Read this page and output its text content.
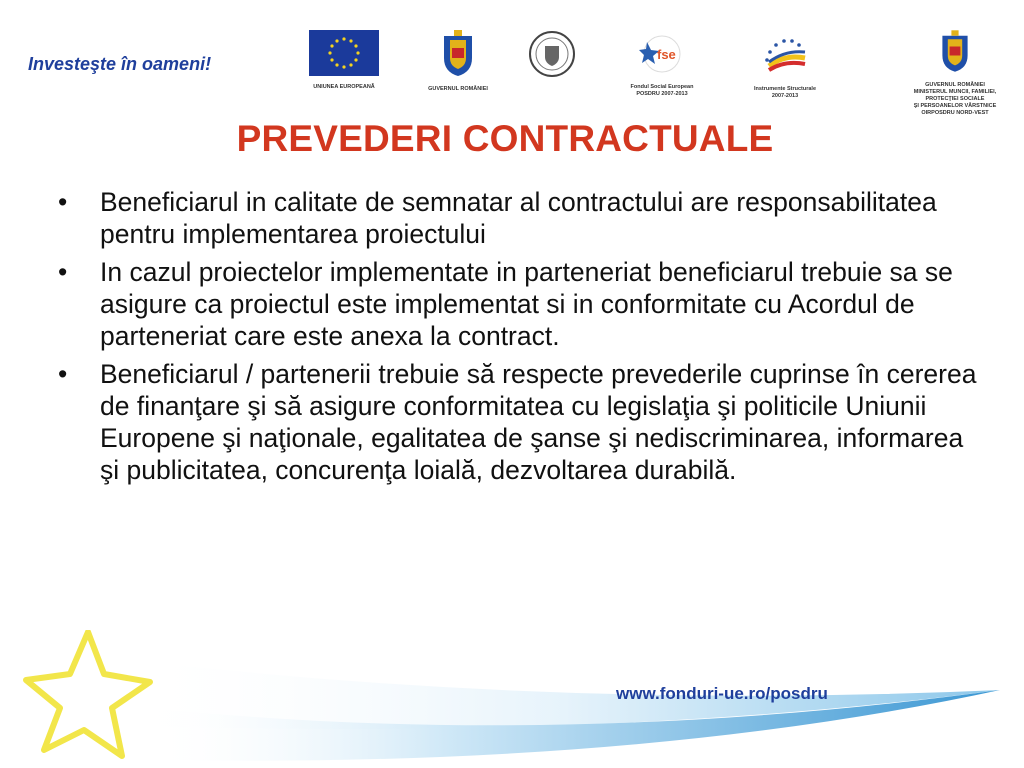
Investeşte în oameni!
UNIUNEA EUROPEANĂ	GUVERNUL ROMÂNIEI
fse
Fondul Social European
POSDRU 2007-2013
Instrumente Structurale
2007-2013
GUVERNUL ROMÂNIEI
MINISTERUL MUNCII, FAMILIEI,
PROTECŢIEI SOCIALE
ŞI PERSOANELOR VÂRSTNICE
OIRPOSDRU NORD-VEST
PREVEDERI CONTRACTUALE
• Beneficiarul in calitate de semnatar al contractului are responsabilitatea pentru implementarea proiectului
• In cazul proiectelor implementate in parteneriat beneficiarul trebuie sa se asigure ca proiectul este implementat si in conformitate cu Acordul de parteneriat care este anexa la contract.
• Beneficiarul / partenerii trebuie să respecte prevederile cuprinse în cererea de finanţare şi să asigure conformitatea cu legislaţia şi politicile Uniunii Europene şi naţionale, egalitatea de şanse şi nediscriminarea, informarea şi publicitatea, concurenţa loială, dezvoltarea durabilă.
www.fonduri-ue.ro/posdru
